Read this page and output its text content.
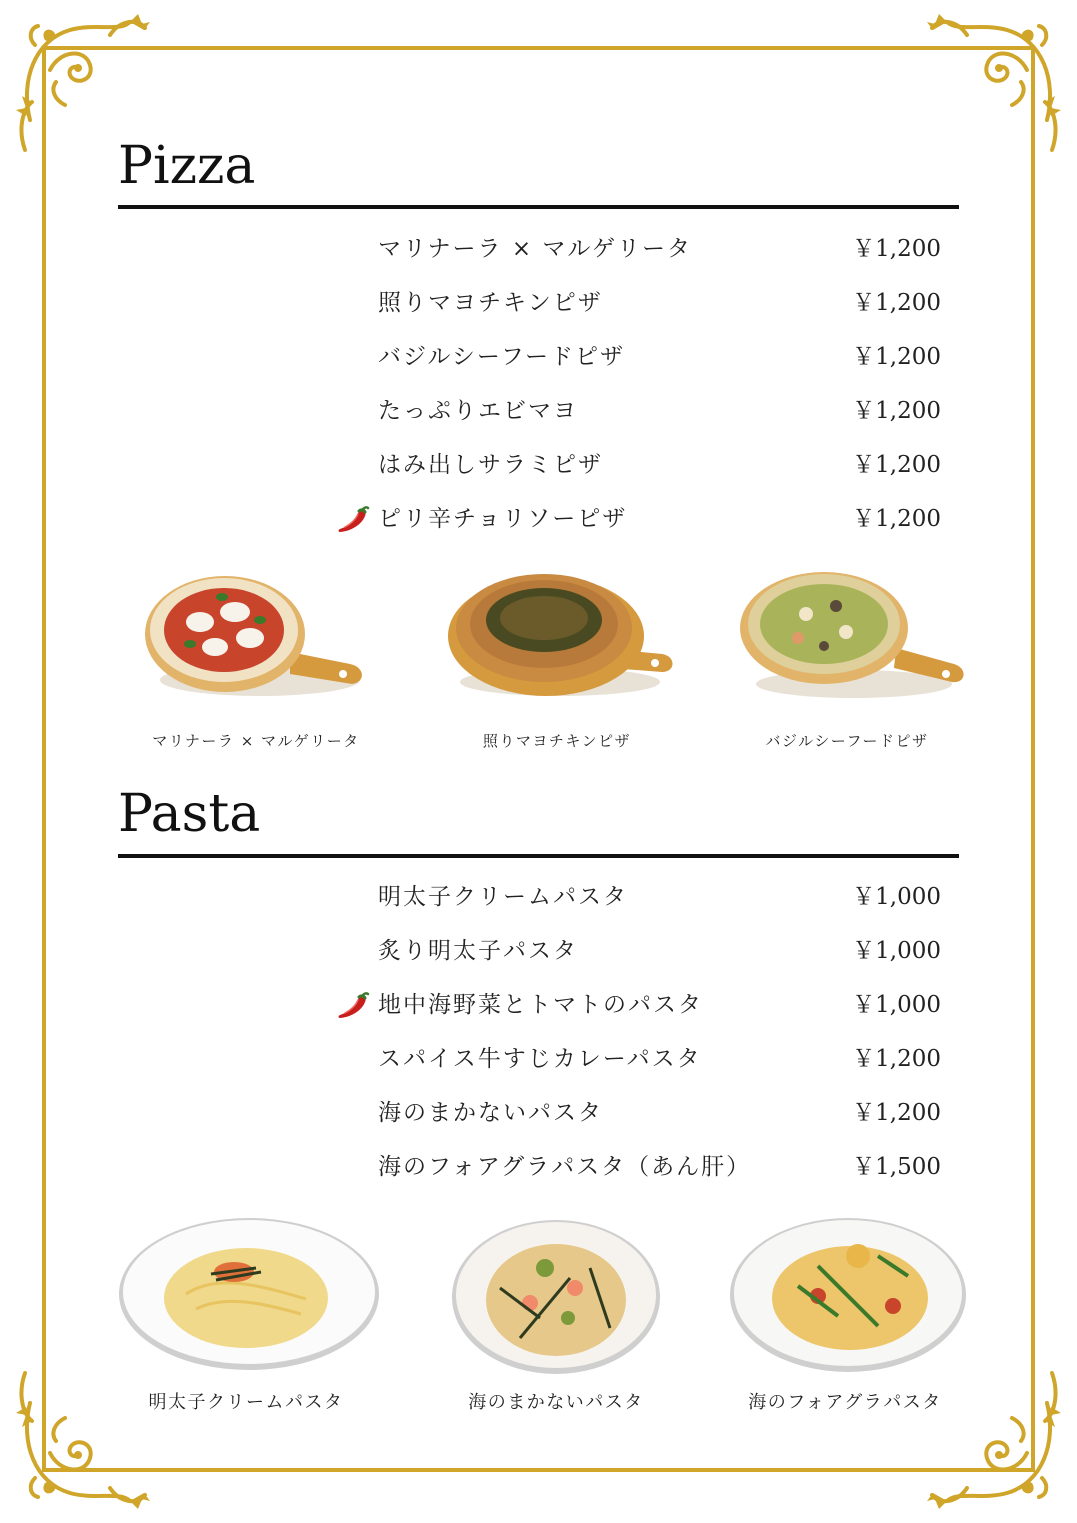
Pizza
マリナーラ × マルゲリータ	￥1,200
照りマヨチキンピザ	￥1,200
バジルシーフードピザ	￥1,200
たっぷりエビマヨ	￥1,200
はみ出しサラミピザ	￥1,200
ピリ辛チョリソーピザ	￥1,200
マリナーラ × マルゲリータ	照りマヨチキンピザ	バジルシーフードピザ
Pasta
明太子クリームパスタ	￥1,000
炙り明太子パスタ	￥1,000
地中海野菜とトマトのパスタ	￥1,000
スパイス牛すじカレーパスタ	￥1,200
海のまかないパスタ	￥1,200
海のフォアグラパスタ（あん肝）	￥1,500
明太子クリームパスタ	海のまかないパスタ	海のフォアグラパスタ
